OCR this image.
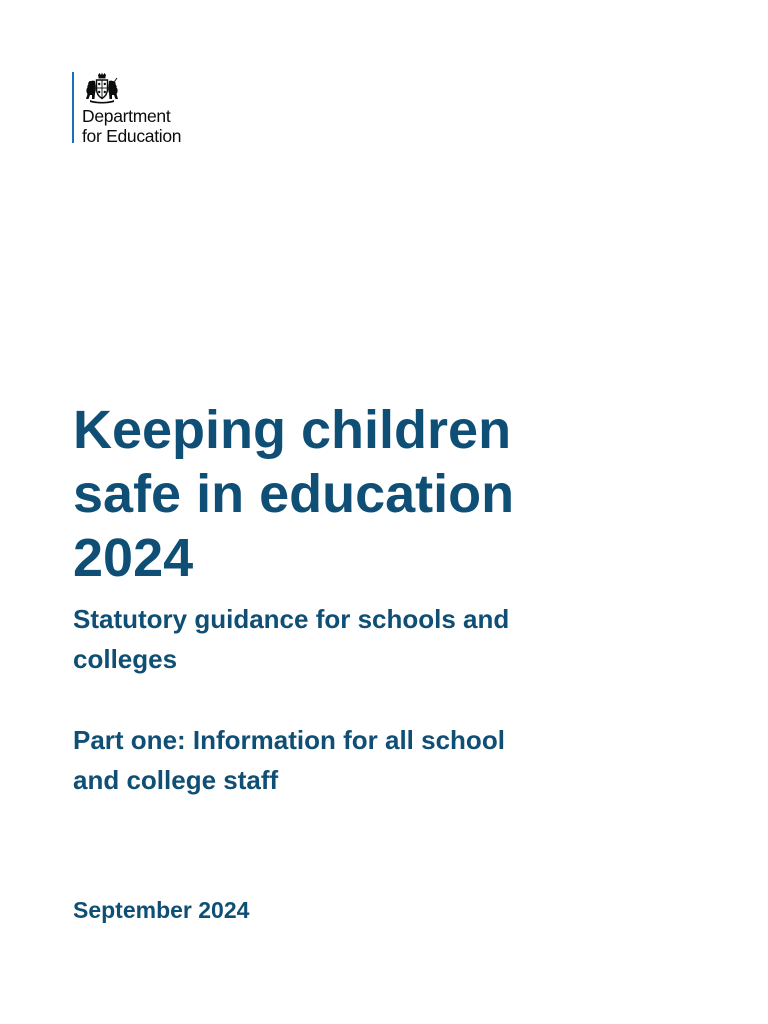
Department
for Education
Keeping children
safe in education
2024
Statutory guidance for schools and
colleges
Part one: Information for all school
and college staff

September 2024
